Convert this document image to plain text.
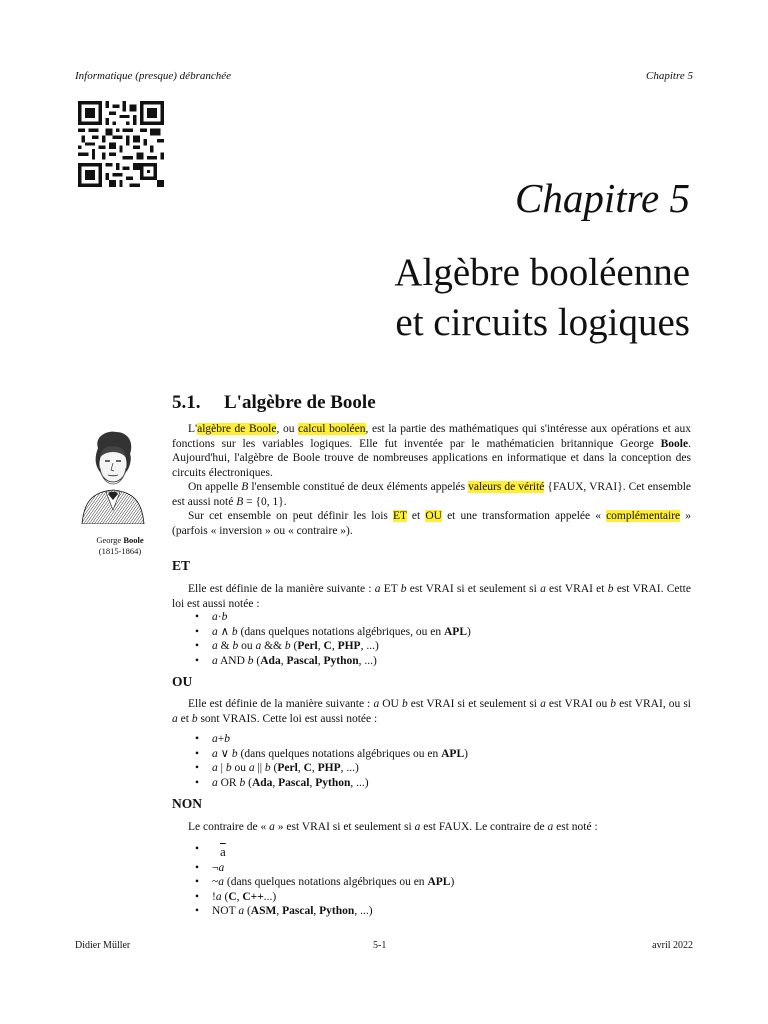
Informatique (presque) débranchée	Chapitre 5
Chapitre 5
Algèbre booléenne
et circuits logiques
5.1. L'algèbre de Boole
George Boole
(1815-1864)

L'algèbre de Boole, ou calcul booléen, est la partie des mathématiques qui s'intéresse aux opérations et aux fonctions sur les variables logiques. Elle fut inventée par le mathématicien britannique George Boole. Aujourd'hui, l'algèbre de Boole trouve de nombreuses applications en informatique et dans la conception des circuits électroniques.

On appelle B l'ensemble constitué de deux éléments appelés valeurs de vérité {FAUX, VRAI}. Cet ensemble est aussi noté B = {0, 1}.

Sur cet ensemble on peut définir les lois ET et OU et une transformation appelée « complémentaire » (parfois « inversion » ou « contraire »).

ET

Elle est définie de la manière suivante : a ET b est VRAI si et seulement si a est VRAI et b est VRAI. Cette loi est aussi notée :

• a·b
• a ∧ b (dans quelques notations algébriques, ou en APL)
• a & b ou a && b (Perl, C, PHP, ...)
• a AND b (Ada, Pascal, Python, ...)
OU

Elle est définie de la manière suivante : a OU b est VRAI si et seulement si a est VRAI ou b est VRAI, ou si a et b sont VRAIS. Cette loi est aussi notée :

• a+b
• a ∨ b (dans quelques notations algébriques ou en APL)
• a | b ou a || b (Perl, C, PHP, ...)
• a OR b (Ada, Pascal, Python, ...)
NON

Le contraire de « a » est VRAI si et seulement si a est FAUX. Le contraire de a est noté :

• $\overline{a}$
• ¬a
• ~a (dans quelques notations algébriques ou en APL)
• !a (C, C++...)
• NOT a (ASM, Pascal, Python, ...)
Didier Müller	5-1	avril 2022
